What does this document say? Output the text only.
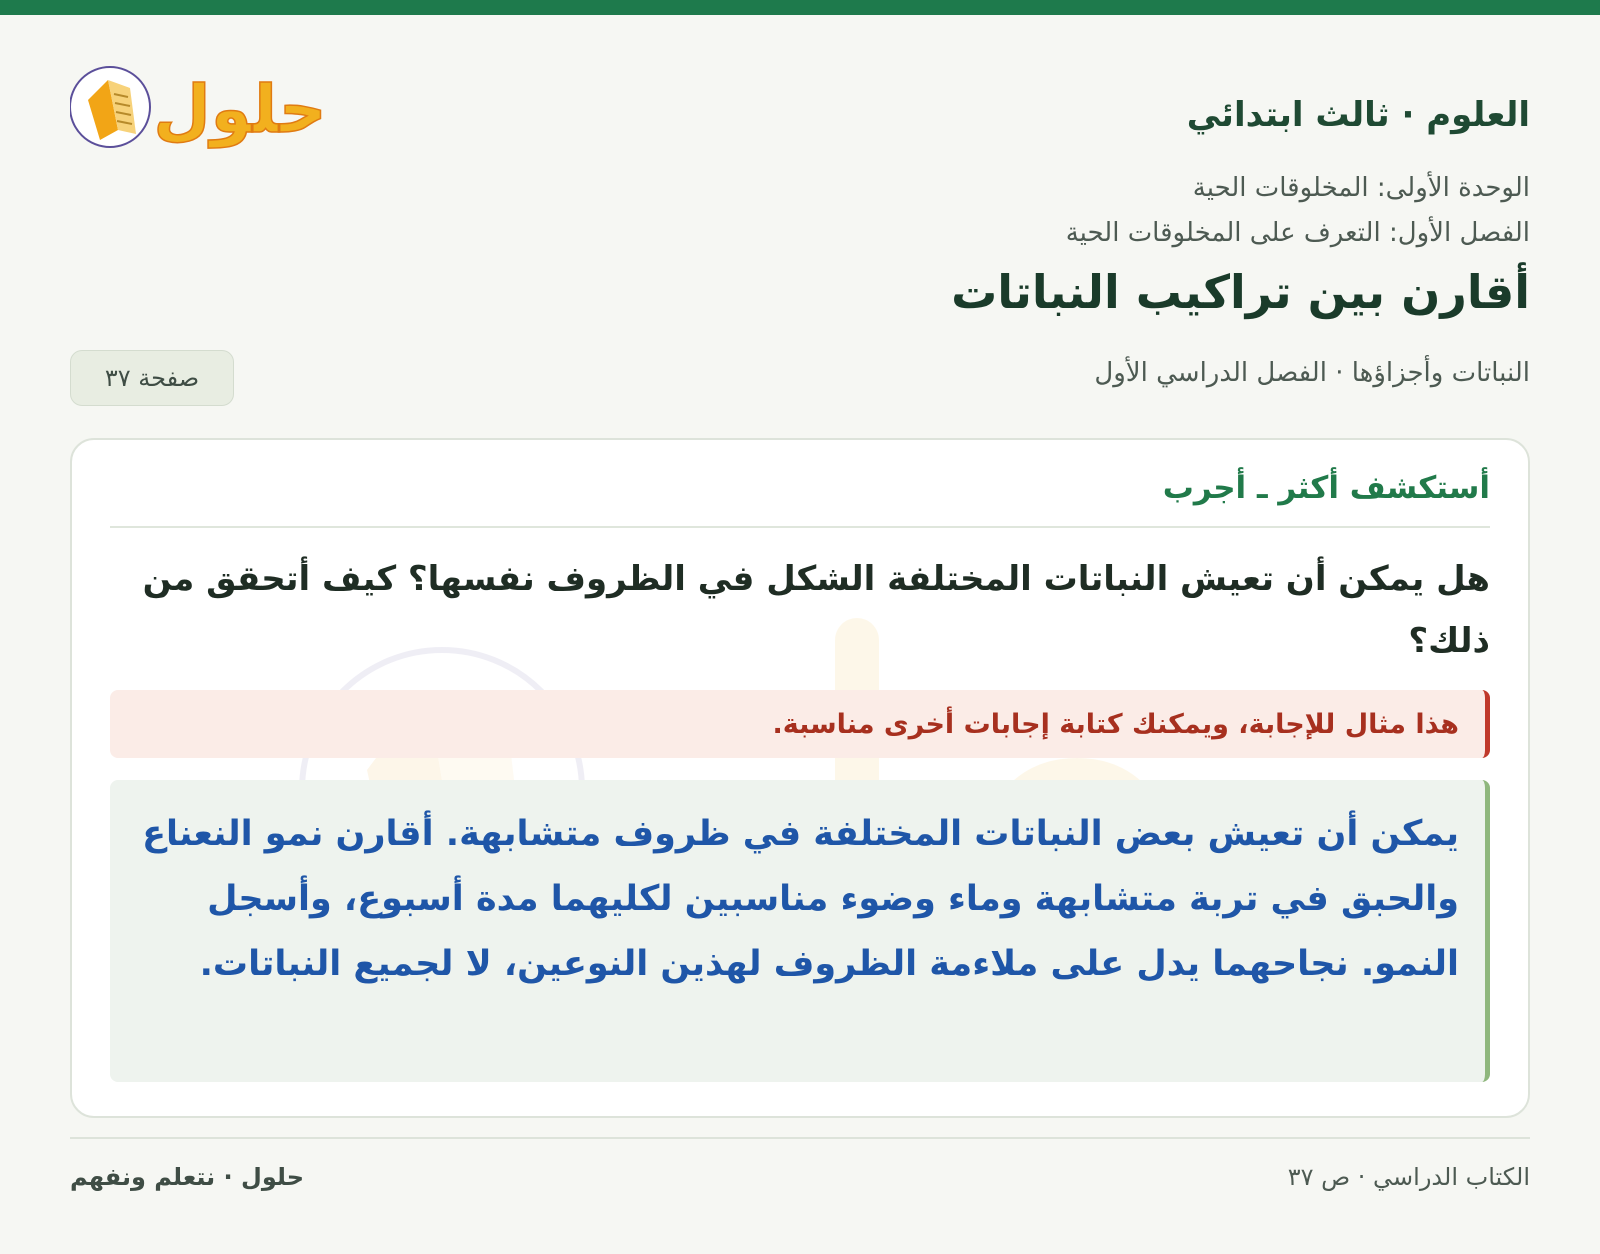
العلوم · ثالث ابتدائي
حلول
الوحدة الأولى: المخلوقات الحية
الفصل الأول: التعرف على المخلوقات الحية
أقارن بين تراكيب النباتات
النباتات وأجزاؤها · الفصل الدراسي الأول
صفحة ٣٧
أستكشف أكثر ـ أجرب
هل يمكن أن تعيش النباتات المختلفة الشكل في الظروف نفسها؟ كيف أتحقق من ذلك؟
هذا مثال للإجابة، ويمكنك كتابة إجابات أخرى مناسبة.
يمكن أن تعيش بعض النباتات المختلفة في ظروف متشابهة. أقارن نمو النعناع والحبق في تربة متشابهة وماء وضوء مناسبين لكليهما مدة أسبوع، وأسجل النمو. نجاحهما يدل على ملاءمة الظروف لهذين النوعين، لا لجميع النباتات.
الكتاب الدراسي · ص ٣٧
حلول · نتعلم ونفهم
